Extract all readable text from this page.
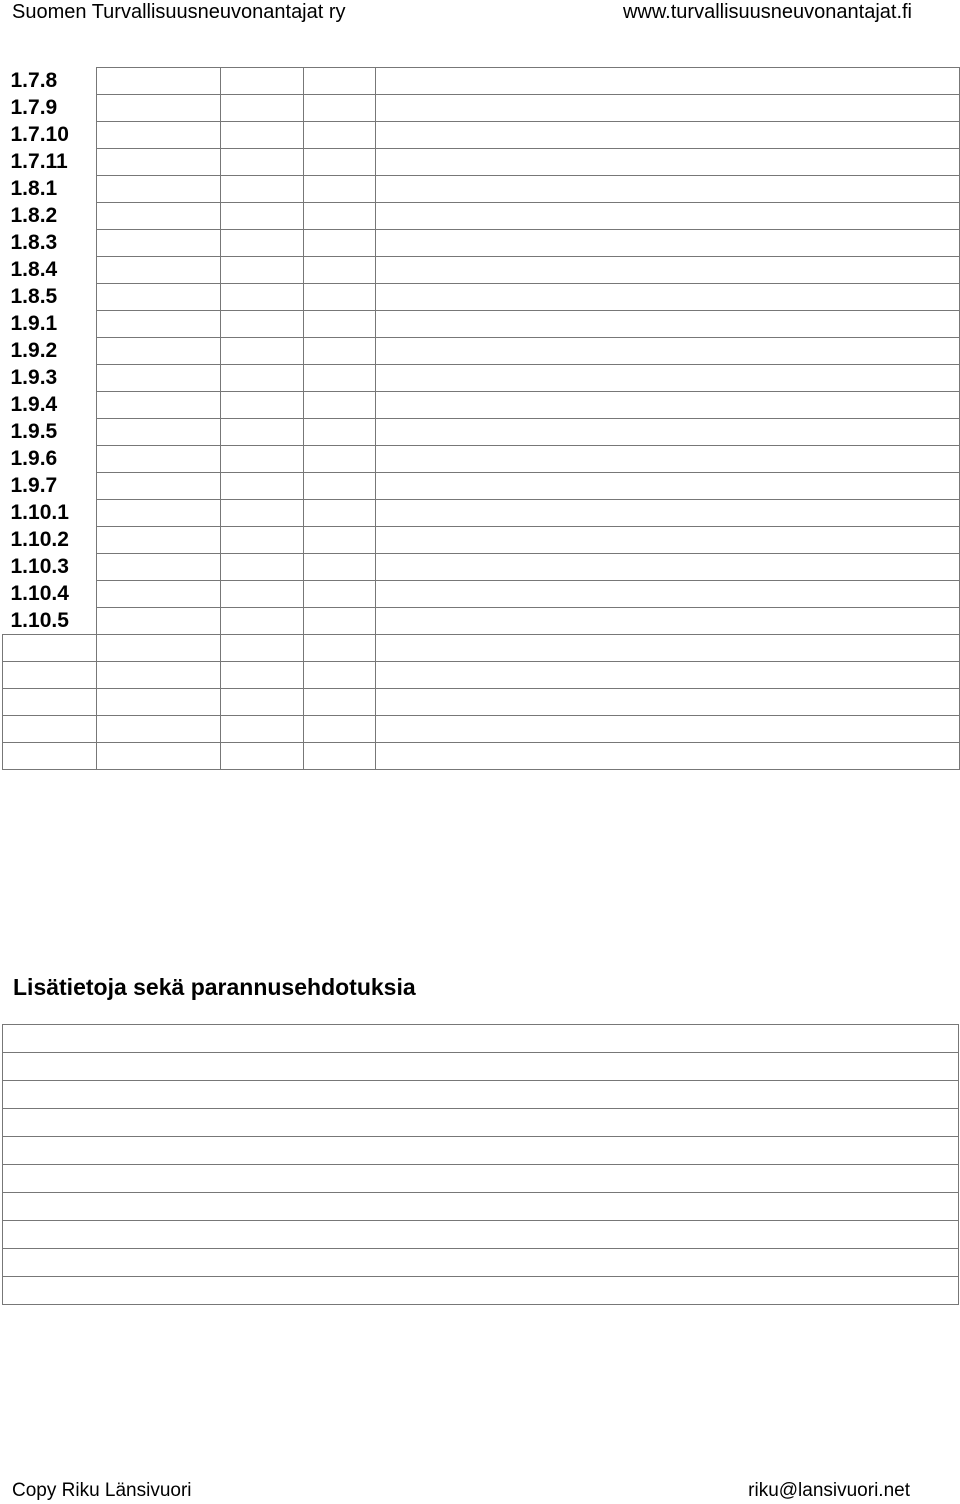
Suomen Turvallisuusneuvonantajat ry	www.turvallisuusneuvonantajat.fi
1.7.8				
1.7.9				
1.7.10				
1.7.11				
1.8.1				
1.8.2				
1.8.3				
1.8.4				
1.8.5				
1.9.1				
1.9.2				
1.9.3				
1.9.4				
1.9.5				
1.9.6				
1.9.7				
1.10.1				
1.10.2				
1.10.3				
1.10.4				
1.10.5				

Lisätietoja sekä parannusehdotuksia

Copy Riku Länsivuori	riku@lansivuori.net
